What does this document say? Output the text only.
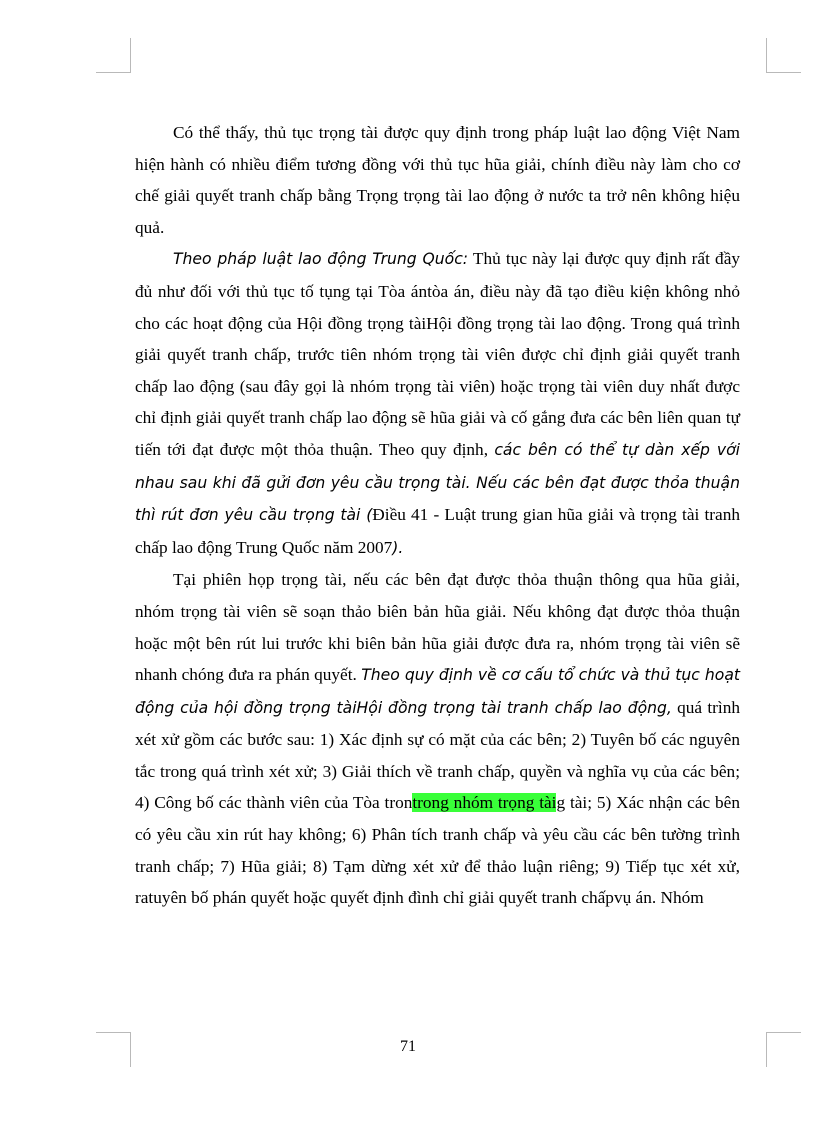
Có thể thấy, thủ tục trọng tài được quy định trong pháp luật lao động Việt Nam hiện hành có nhiều điểm tương đồng với thủ tục hũa giải, chính điều này làm cho cơ chế giải quyết tranh chấp bằng Trọng trọng tài lao động ở nước ta trở nên không hiệu quả.

Theo pháp luật lao động Trung Quốc: Thủ tục này lại được quy định rất đầy đủ như đối với thủ tục tố tụng tại Tòa ántòa án, điều này đã tạo điều kiện không nhỏ cho các hoạt động của Hội đồng trọng tàiHội đồng trọng tài lao động. Trong quá trình giải quyết tranh chấp, trước tiên nhóm trọng tài viên được chỉ định giải quyết tranh chấp lao động (sau đây gọi là nhóm trọng tài viên) hoặc trọng tài viên duy nhất được chỉ định giải quyết tranh chấp lao động sẽ hũa giải và cố gắng đưa các bên liên quan tự tiến tới đạt được một thỏa thuận. Theo quy định, các bên có thể tự dàn xếp với nhau sau khi đã gửi đơn yêu cầu trọng tài. Nếu các bên đạt được thỏa thuận thì rút đơn yêu cầu trọng tài (Điều 41 - Luật trung gian hũa giải và trọng tài tranh chấp lao động Trung Quốc năm 2007).

Tại phiên họp trọng tài, nếu các bên đạt được thỏa thuận thông qua hũa giải, nhóm trọng tài viên sẽ soạn thảo biên bản hũa giải. Nếu không đạt được thỏa thuận hoặc một bên rút lui trước khi biên bản hũa giải được đưa ra, nhóm trọng tài viên sẽ nhanh chóng đưa ra phán quyết. Theo quy định về cơ cấu tổ chức và thủ tục hoạt động của hội đồng trọng tàiHội đồng trọng tài tranh chấp lao động, quá trình xét xử gồm các bước sau: 1) Xác định sự có mặt của các bên; 2) Tuyên bố các nguyên tắc trong quá trình xét xử; 3) Giải thích về tranh chấp, quyền và nghĩa vụ của các bên; 4) Công bố các thành viên của Tòa trontrong nhóm trọng tàig tài; 5) Xác nhận các bên có yêu cầu xin rút hay không; 6) Phân tích tranh chấp và yêu cầu các bên tường trình tranh chấp; 7) Hũa giải; 8) Tạm dừng xét xử để thảo luận riêng; 9) Tiếp tục xét xử, ratuyên bố phán quyết hoặc quyết định đình chỉ giải quyết tranh chấpvụ án. Nhóm

71
